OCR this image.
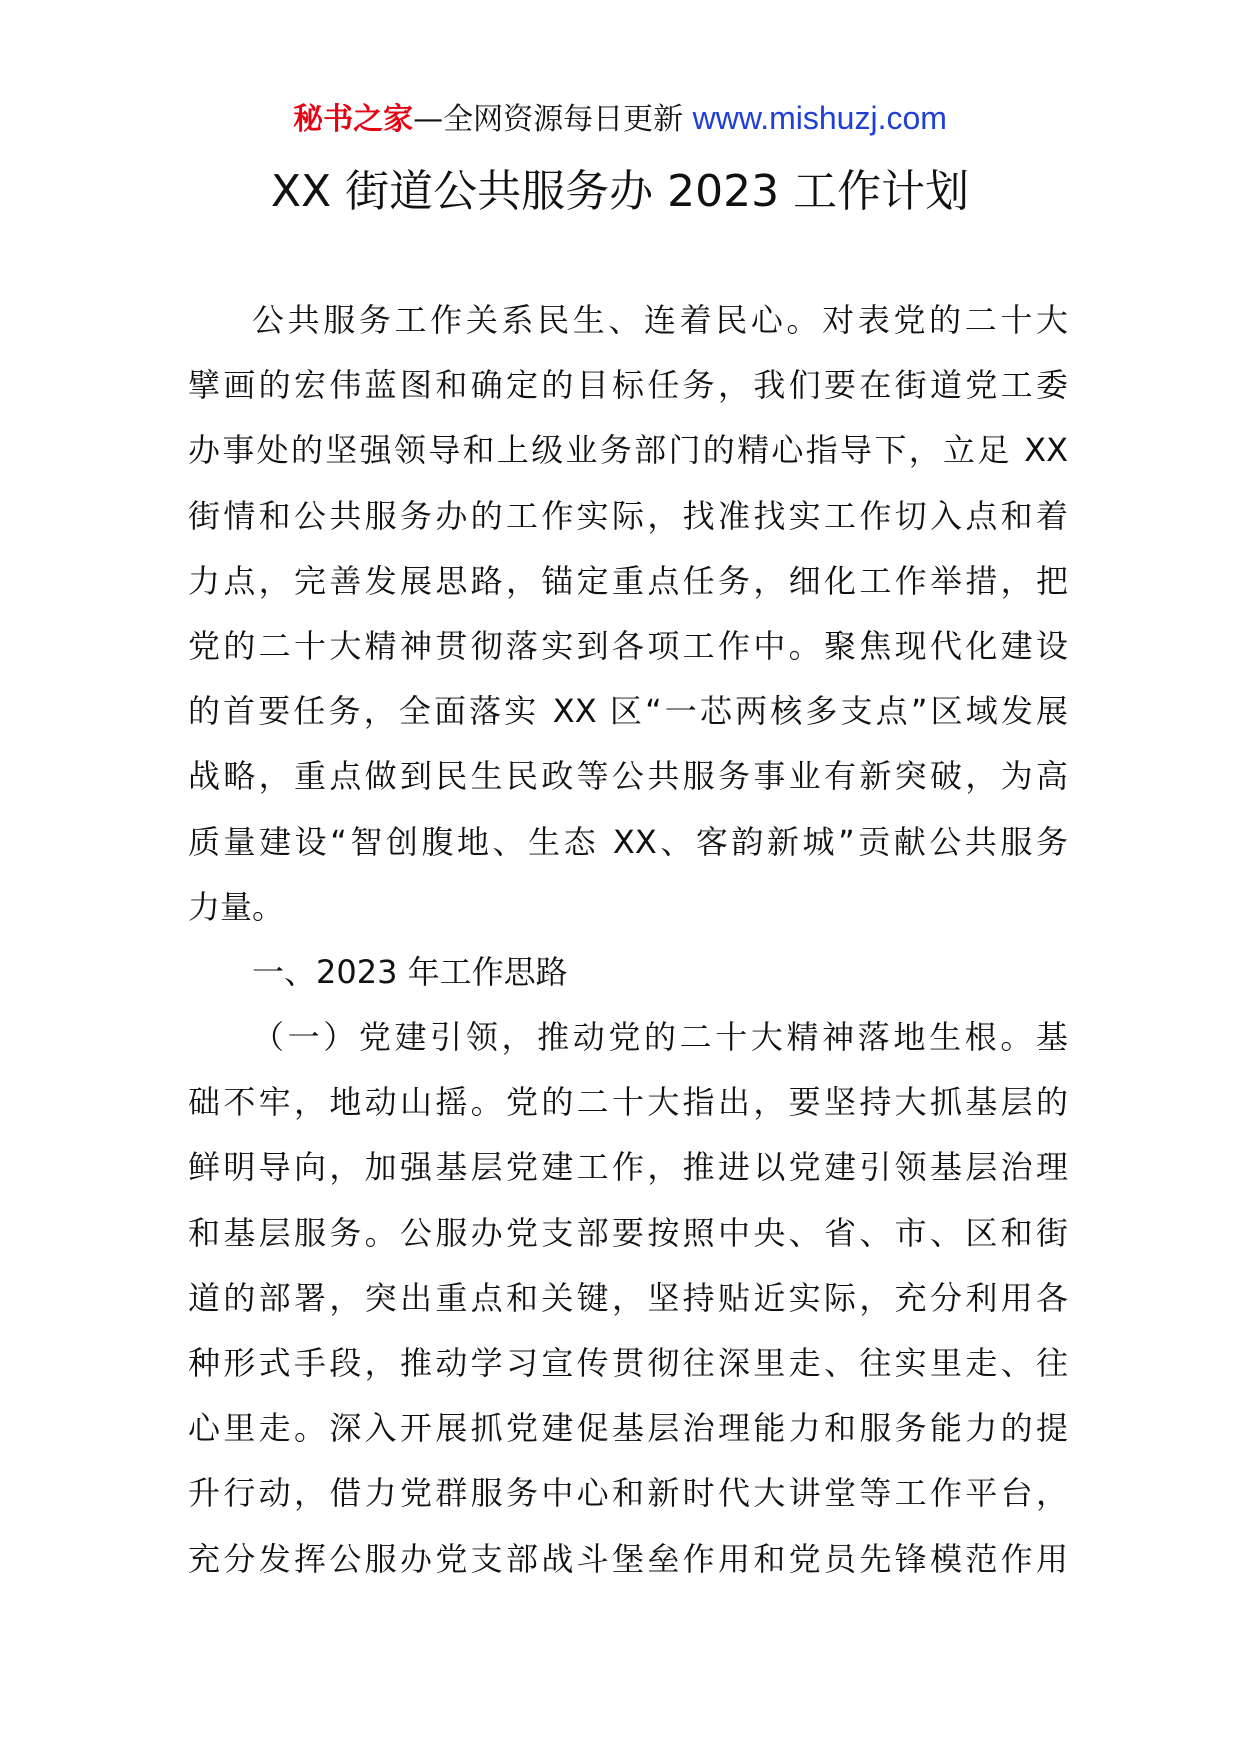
秘书之家—全网资源每日更新 www.mishuzj.com
XX 街道公共服务办 2023 工作计划
公共服务工作关系民生、连着民心。对表党的二十大
擘画的宏伟蓝图和确定的目标任务，我们要在街道党工委
办事处的坚强领导和上级业务部门的精心指导下，立足 XX
街情和公共服务办的工作实际，找准找实工作切入点和着
力点，完善发展思路，锚定重点任务，细化工作举措，把
党的二十大精神贯彻落实到各项工作中。聚焦现代化建设
的首要任务，全面落实 XX 区“一芯两核多支点”区域发展
战略，重点做到民生民政等公共服务事业有新突破，为高
质量建设“智创腹地、生态 XX、客韵新城”贡献公共服务
力量。
一、2023 年工作思路
（一）党建引领，推动党的二十大精神落地生根。基
础不牢，地动山摇。党的二十大指出，要坚持大抓基层的
鲜明导向，加强基层党建工作，推进以党建引领基层治理
和基层服务。公服办党支部要按照中央、省、市、区和街
道的部署，突出重点和关键，坚持贴近实际，充分利用各
种形式手段，推动学习宣传贯彻往深里走、往实里走、往
心里走。深入开展抓党建促基层治理能力和服务能力的提
升行动，借力党群服务中心和新时代大讲堂等工作平台，
充分发挥公服办党支部战斗堡垒作用和党员先锋模范作用
